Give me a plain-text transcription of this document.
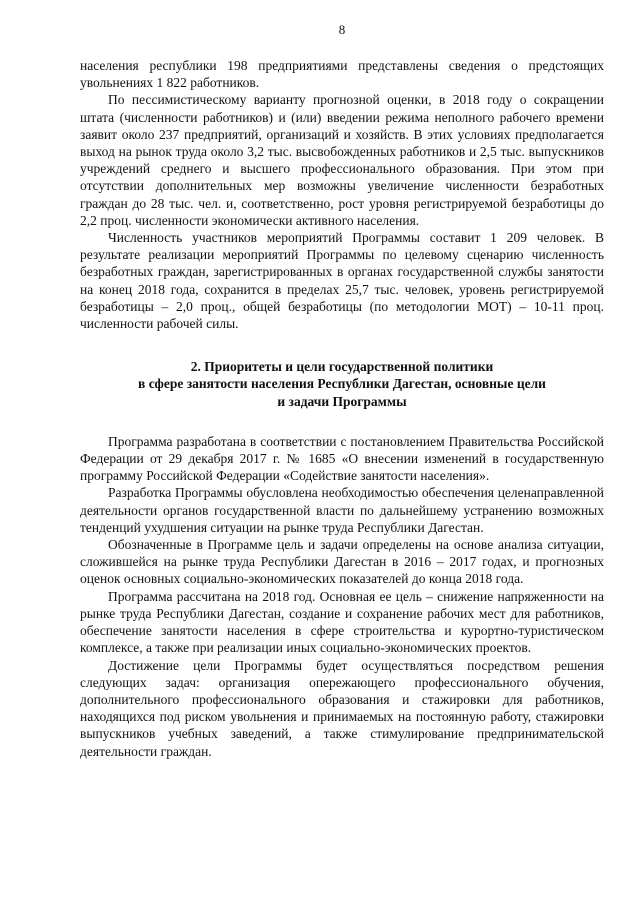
8

населения республики 198 предприятиями представлены сведения о предстоящих увольнениях 1 822 работников.

По пессимистическому варианту прогнозной оценки, в 2018 году о сокращении штата (численности работников) и (или) введении режима неполного рабочего времени заявит около 237 предприятий, организаций и хозяйств. В этих условиях предполагается выход на рынок труда около 3,2 тыс. высвобожденных работников и 2,5 тыс. выпускников учреждений среднего и высшего профессионального образования. При этом при отсутствии дополнительных мер возможны увеличение численности безработных граждан до 28 тыс. чел. и, соответственно, рост уровня регистрируемой безработицы до 2,2 проц. численности экономически активного населения.

Численность участников мероприятий Программы составит 1 209 человек. В результате реализации мероприятий Программы по целевому сценарию численность безработных граждан, зарегистрированных в органах государственной службы занятости на конец 2018 года, сохранится в пределах 25,7 тыс. человек, уровень регистрируемой безработицы – 2,0 проц., общей безработицы (по методологии МОТ) – 10-11 проц. численности рабочей силы.

2. Приоритеты и цели государственной политики
в сфере занятости населения Республики Дагестан, основные цели
и задачи Программы

Программа разработана в соответствии с постановлением Правительства Российской Федерации от 29 декабря 2017 г. № 1685 «О внесении изменений в государственную программу Российской Федерации «Содействие занятости населения».

Разработка Программы обусловлена необходимостью обеспечения целенаправленной деятельности органов государственной власти по дальнейшему устранению возможных тенденций ухудшения ситуации на рынке труда Республики Дагестан.

Обозначенные в Программе цель и задачи определены на основе анализа ситуации, сложившейся на рынке труда Республики Дагестан в 2016 – 2017 годах, и прогнозных оценок основных социально-экономических показателей до конца 2018 года.

Программа рассчитана на 2018 год. Основная ее цель – снижение напряженности на рынке труда Республики Дагестан, создание и сохранение рабочих мест для работников, обеспечение занятости населения в сфере строительства и курортно-туристическом комплексе, а также при реализации иных социально-экономических проектов.

Достижение цели Программы будет осуществляться посредством решения следующих задач: организация опережающего профессионального обучения, дополнительного профессионального образования и стажировки для работников, находящихся под риском увольнения и принимаемых на постоянную работу, стажировки выпускников учебных заведений, а также стимулирование предпринимательской деятельности граждан.
